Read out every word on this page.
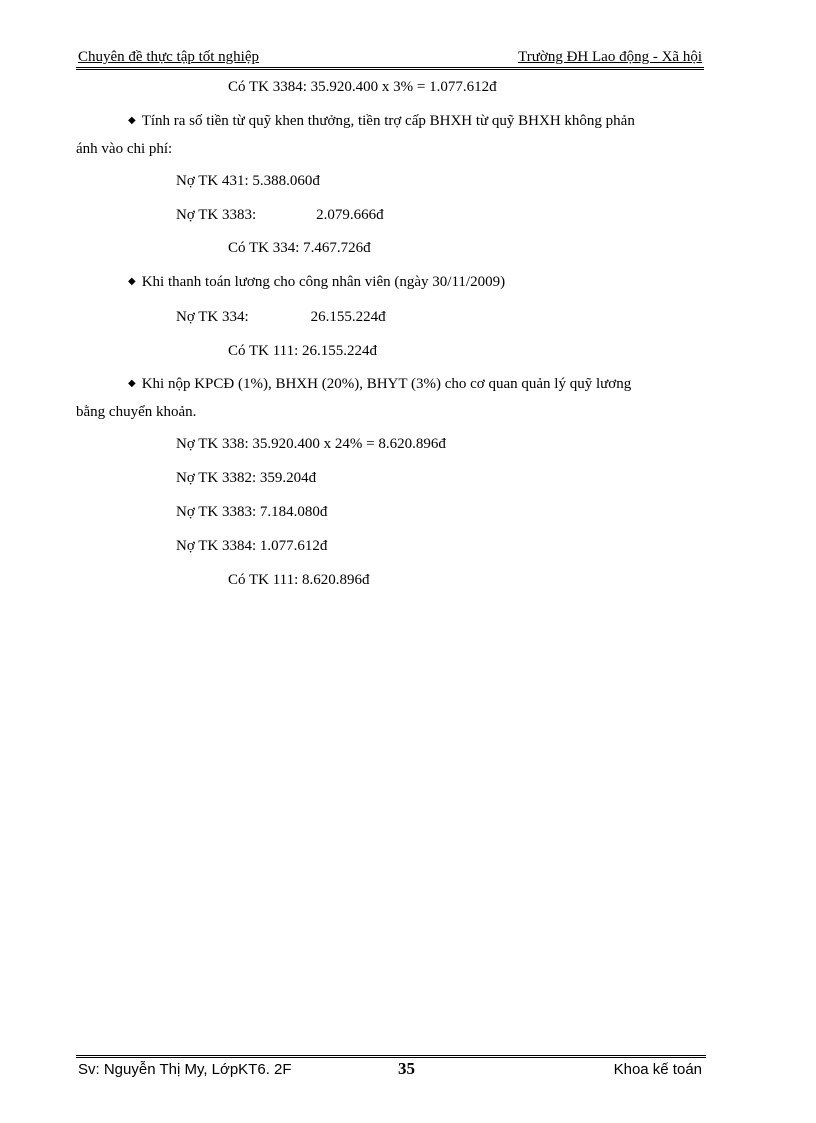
Chuyên đề thực tập tốt nghiệp	Trường ĐH Lao động - Xã hội
Có TK 3384: 35.920.400 x 3% = 1.077.612đ
◆ Tính ra số tiền từ quỹ khen thưởng, tiền trợ cấp BHXH từ quỹ BHXH không phản
ánh vào chi phí:
Nợ TK 431: 5.388.060đ
Nợ TK 3383:	2.079.666đ
Có TK 334: 7.467.726đ
◆ Khi thanh toán lương cho công nhân viên (ngày 30/11/2009)
Nợ TK 334:	26.155.224đ
Có TK 111: 26.155.224đ
◆ Khi nộp KPCĐ (1%), BHXH (20%), BHYT (3%) cho cơ quan quản lý quỹ lương
bằng chuyển khoản.
Nợ TK 338: 35.920.400 x 24% = 8.620.896đ
Nợ TK 3382: 359.204đ
Nợ TK 3383: 7.184.080đ
Nợ TK 3384: 1.077.612đ
Có TK 111: 8.620.896đ
Sv: Nguyễn Thị My, LớpKT6. 2F	35	Khoa kế toán
